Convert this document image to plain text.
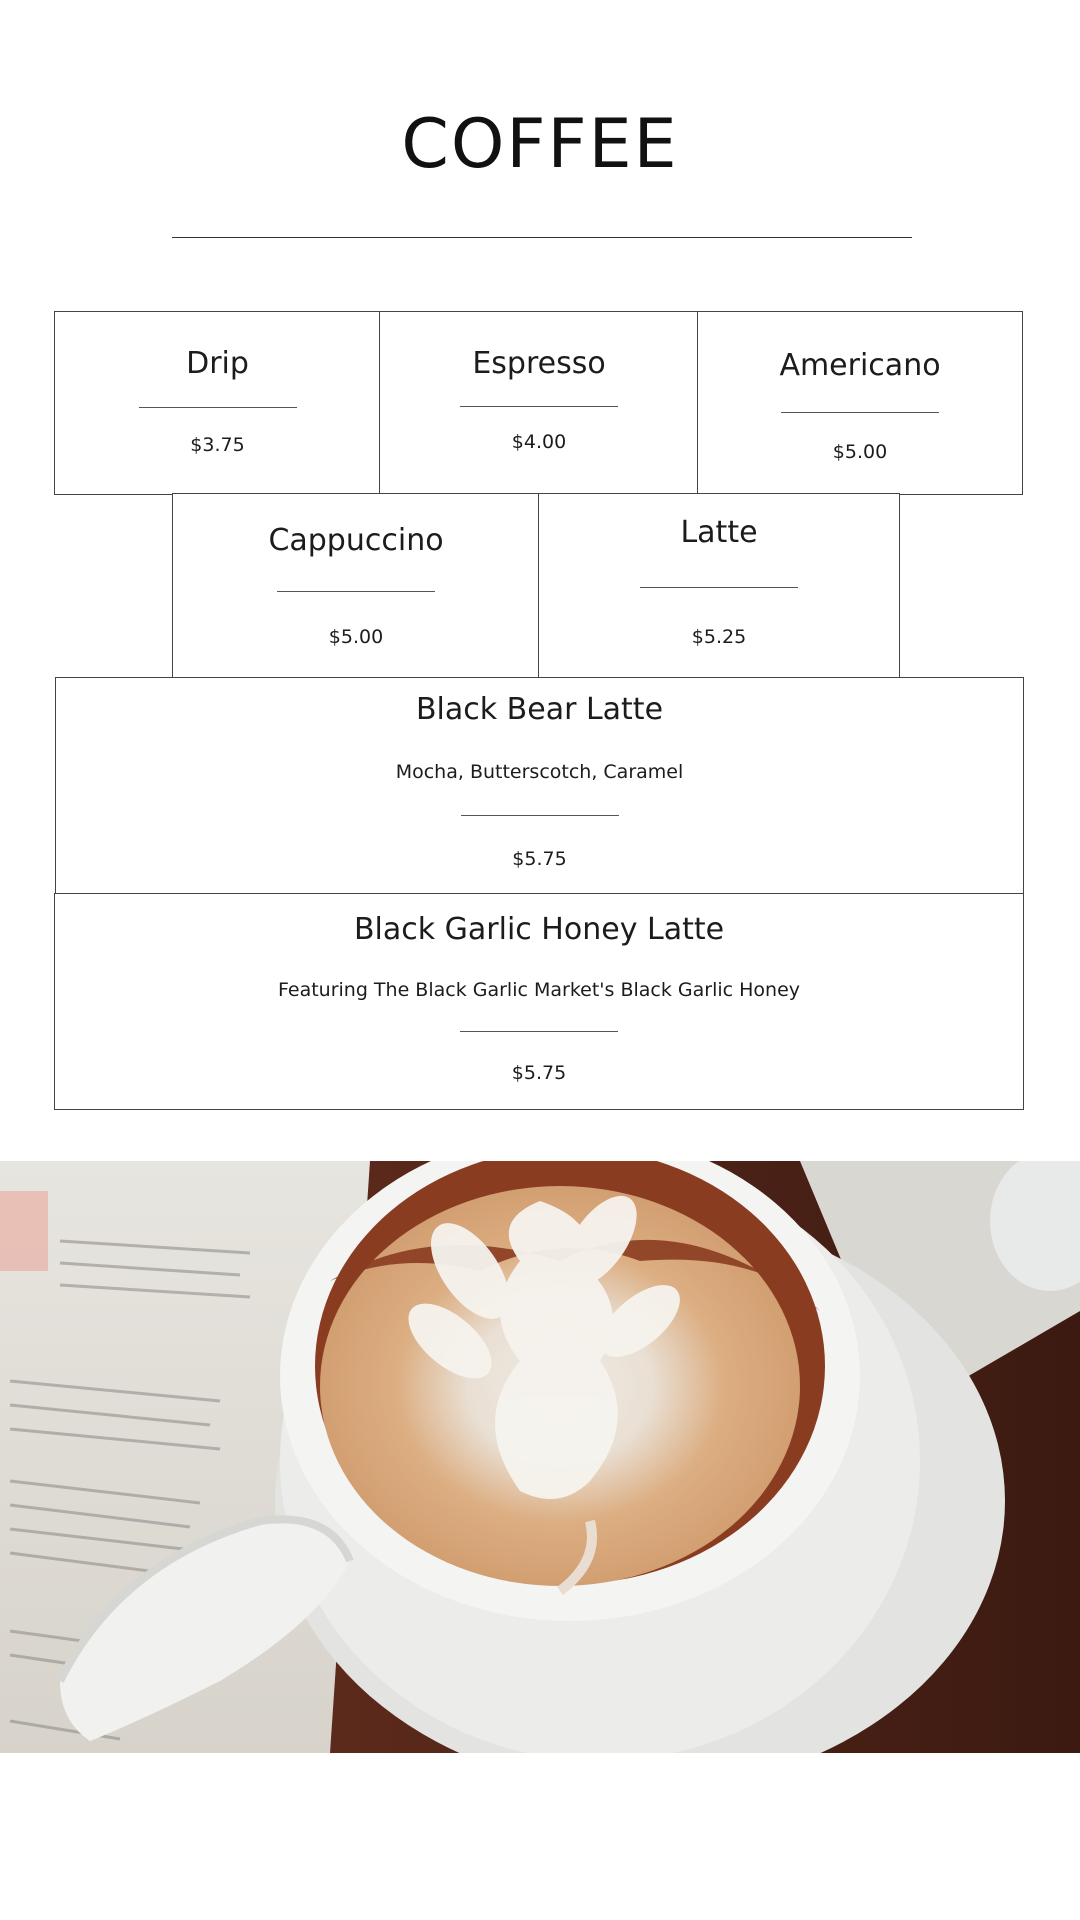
COFFEE
Drip
$3.75
Espresso
$4.00
Americano
$5.00
Cappuccino
$5.00
Latte
$5.25
Black Bear Latte
Mocha, Butterscotch, Caramel
$5.75
Black Garlic Honey Latte
Featuring The Black Garlic Market's Black Garlic Honey
$5.75
